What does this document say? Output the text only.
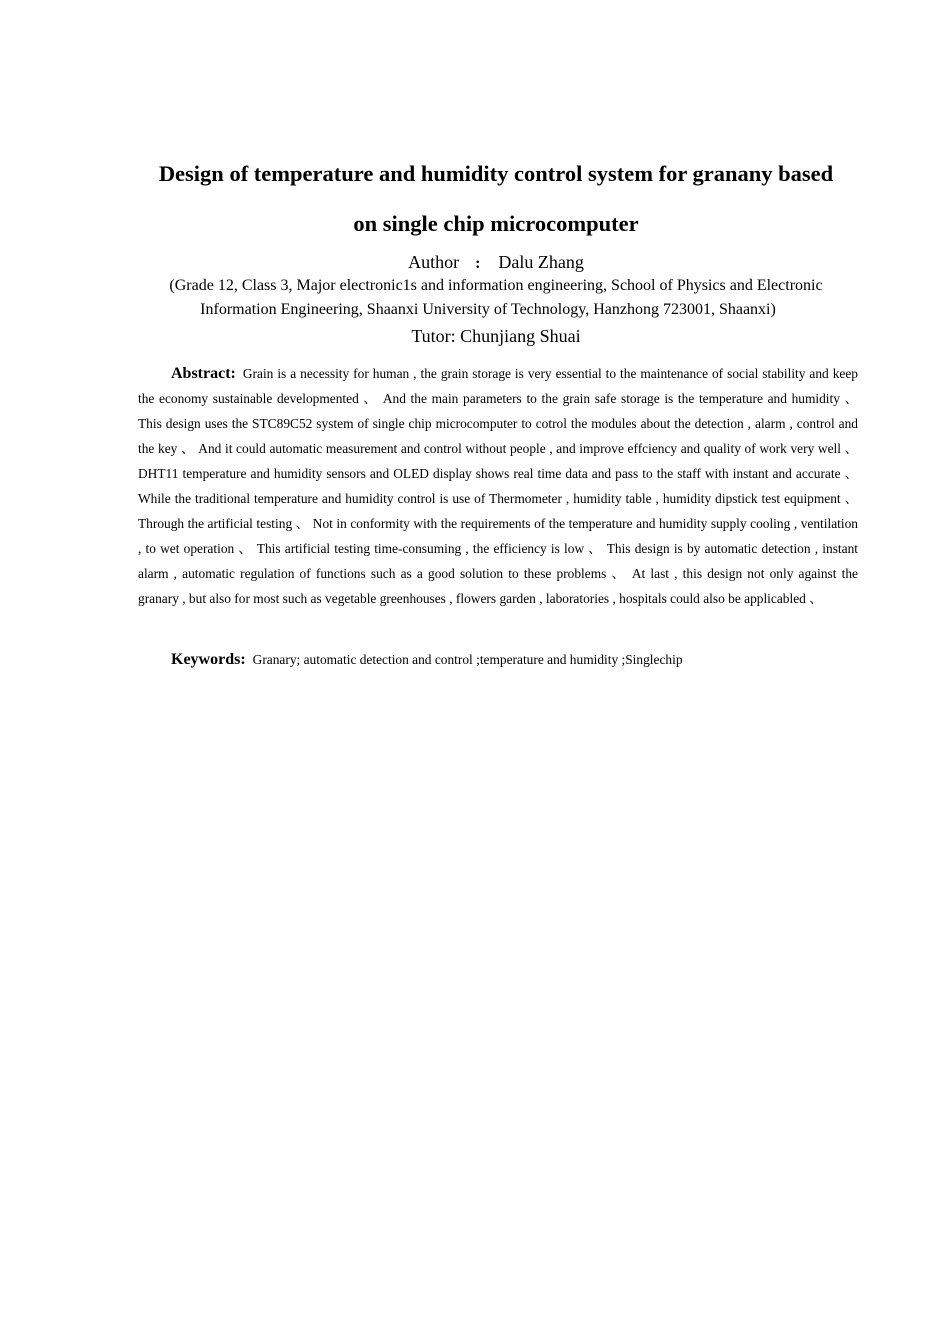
Design of temperature and humidity control system for granany based
on single chip microcomputer
Author : Dalu Zhang
(Grade 12, Class 3, Major electronic1s and information engineering, School of Physics and Electronic
Information Engineering, Shaanxi University of Technology, Hanzhong 723001, Shaanxi)
Tutor: Chunjiang Shuai

Abstract: Grain is a necessity for human , the grain storage is very essential to the maintenance of social stability and keep the economy sustainable developmented 、 And the main parameters to the grain safe storage is the temperature and humidity 、 This design uses the STC89C52 system of single chip microcomputer to cotrol the modules about the detection , alarm , control and the key 、 And it could automatic measurement and control without people , and improve effciency and quality of work very well 、 DHT11 temperature and humidity sensors and OLED display shows real time data and pass to the staff with instant and accurate 、 While the traditional temperature and humidity control is use of Thermometer , humidity table , humidity dipstick test equipment 、 Through the artificial testing 、 Not in conformity with the requirements of the temperature and humidity supply cooling , ventilation , to wet operation 、 This artificial testing time-consuming , the efficiency is low 、 This design is by automatic detection , instant alarm , automatic regulation of functions such as a good solution to these problems 、 At last , this design not only against the granary , but also for most such as vegetable greenhouses , flowers garden , laboratories , hospitals could also be applicabled 、

Keywords: Granary; automatic detection and control ;temperature and humidity ;Singlechip
